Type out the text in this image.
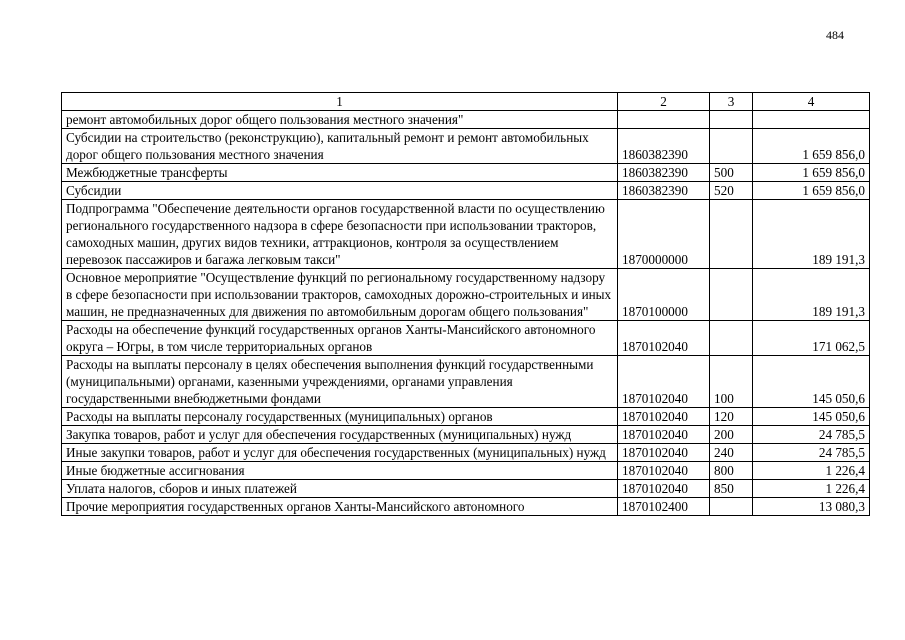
484
1	2	3	4
ремонт автомобильных дорог общего пользования местного значения"			
Субсидии на строительство (реконструкцию), капитальный ремонт и ремонт автомобильных дорог общего пользования местного значения	1860382390		1 659 856,0
Межбюджетные трансферты	1860382390	500	1 659 856,0
Субсидии	1860382390	520	1 659 856,0
Подпрограмма "Обеспечение деятельности органов государственной власти по осуществлению регионального государственного надзора в сфере безопасности при использовании тракторов, самоходных машин, других видов техники, аттракционов, контроля за осуществлением перевозок пассажиров и багажа легковым такси"	1870000000		189 191,3
Основное мероприятие "Осуществление функций по региональному государственному надзору в сфере безопасности при использовании тракторов, самоходных дорожно-строительных и иных машин, не предназначенных для движения по автомобильным дорогам общего пользования"	1870100000		189 191,3
Расходы на обеспечение функций государственных органов Ханты-Мансийского автономного округа – Югры, в том числе территориальных органов	1870102040		171 062,5
Расходы на выплаты персоналу в целях обеспечения выполнения функций государственными (муниципальными) органами, казенными учреждениями, органами управления государственными внебюджетными фондами	1870102040	100	145 050,6
Расходы на выплаты персоналу государственных (муниципальных) органов	1870102040	120	145 050,6
Закупка товаров, работ и услуг для обеспечения государственных (муниципальных) нужд	1870102040	200	24 785,5
Иные закупки товаров, работ и услуг для обеспечения государственных (муниципальных) нужд	1870102040	240	24 785,5
Иные бюджетные ассигнования	1870102040	800	1 226,4
Уплата налогов, сборов и иных платежей	1870102040	850	1 226,4
Прочие мероприятия государственных органов Ханты-Мансийского автономного	1870102400		13 080,3
